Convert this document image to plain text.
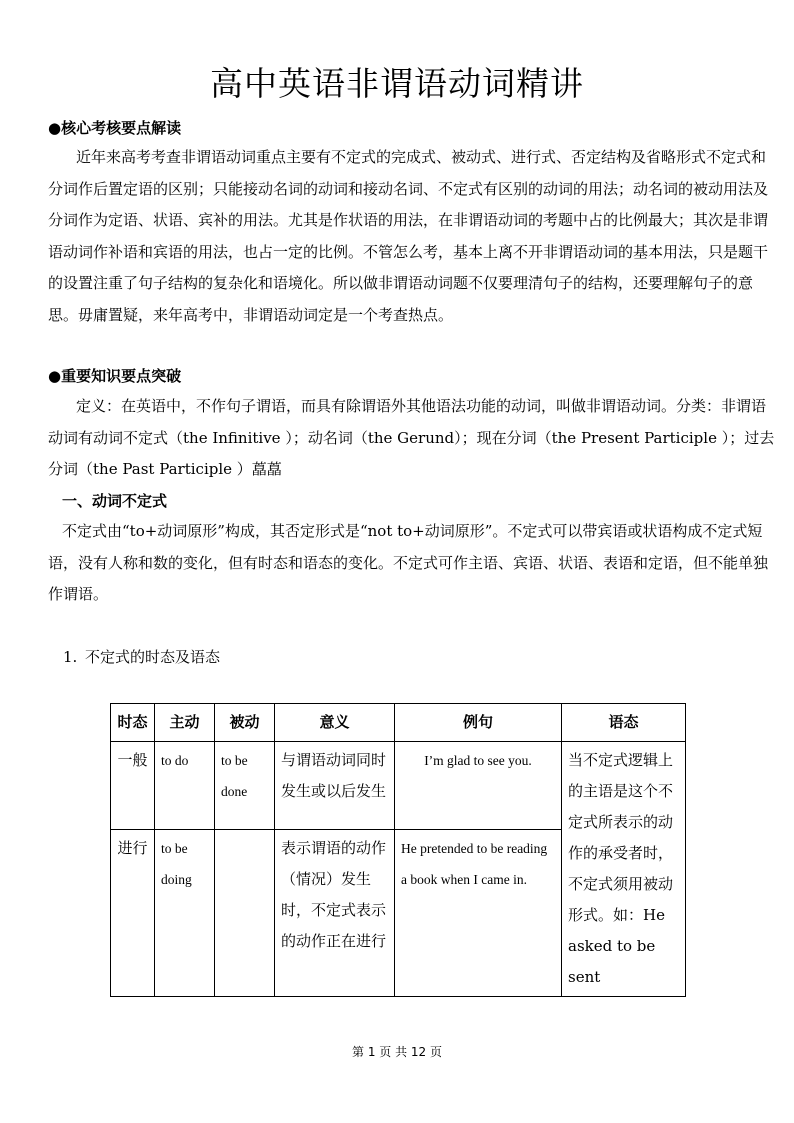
高中英语非谓语动词精讲
●核心考核要点解读
近年来高考考查非谓语动词重点主要有不定式的完成式、被动式、进行式、否定结构及省略形式不定式和分词作后置定语的区别；只能接动名词的动词和接动名词、不定式有区别的动词的用法；动名词的被动用法及分词作为定语、状语、宾补的用法。尤其是作状语的用法，在非谓语动词的考题中占的比例最大；其次是非谓语动词作补语和宾语的用法，也占一定的比例。不管怎么考，基本上离不开非谓语动词的基本用法，只是题干的设置注重了句子结构的复杂化和语境化。所以做非谓语动词题不仅要理清句子的结构，还要理解句子的意思。毋庸置疑，来年高考中，非谓语动词定是一个考查热点。
●重要知识要点突破
定义：在英语中，不作句子谓语，而具有除谓语外其他语法功能的动词，叫做非谓语动词。分类：非谓语动词有动词不定式（the Infinitive ）；动名词（the Gerund）；现在分词（the Present Participle ）；过去分词（the Past Participle ）藠藠
一、动词不定式
不定式由“to+动词原形”构成，其否定形式是“not to+动词原形”。不定式可以带宾语或状语构成不定式短语，没有人称和数的变化，但有时态和语态的变化。不定式可作主语、宾语、状语、表语和定语，但不能单独作谓语。
1. 不定式的时态及语态
时态	主动	被动	意义	例句	语态
一般	to do	to be done	与谓语动词同时发生或以后发生	I’m glad to see you.	当不定式逻辑上的主语是这个不定式所表示的动作的承受者时，不定式须用被动形式。如：He asked to be sent
进行	to be doing		表示谓语的动作（情况）发生时，不定式表示的动作正在进行	He pretended to be reading a book when I came in.	
第 1 页 共 12 页
